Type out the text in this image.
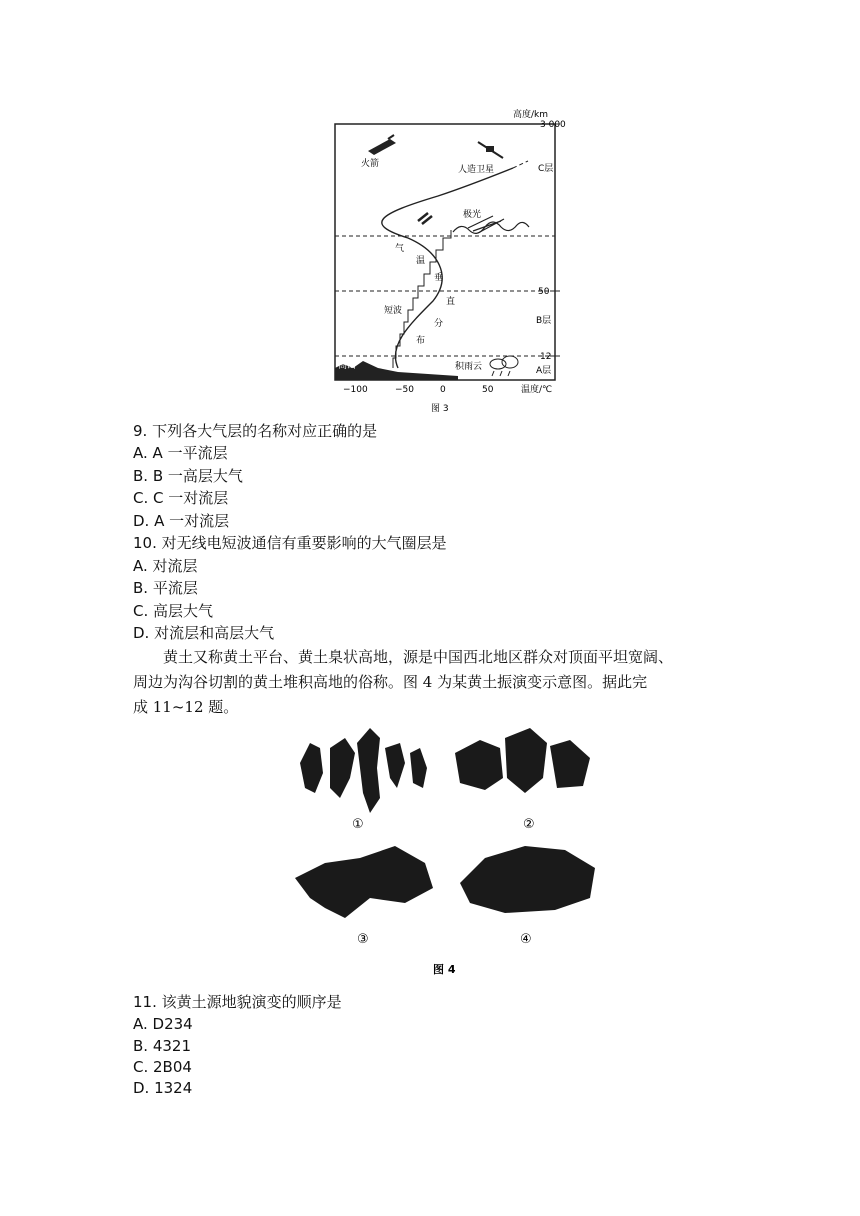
高度/km
3 000
50
12
C层
B层
A层
火箭
人造卫星
极光
气
温
垂
直
分
布
短波
高山	积雨云
−100	−50	0	50	温度/℃
图 3
9. 下列各大气层的名称对应正确的是
A. A 一平流层
B. B 一高层大气
C. C 一对流层
D. A 一对流层
10. 对无线电短波通信有重要影响的大气圈层是
A. 对流层
B. 平流层
C. 高层大气
D. 对流层和高层大气
黄土又称黄土平台、黄土臬状高地，源是中国西北地区群众对顶面平坦宽阔、
周边为沟谷切割的黄土堆积高地的俗称。图 4 为某黄土振演变示意图。据此完
成 11~12 题。
①	②
③	④
图 4
11. 该黄土源地貌演变的顺序是
A. D234
B. 4321
C. 2B04
D. 1324
